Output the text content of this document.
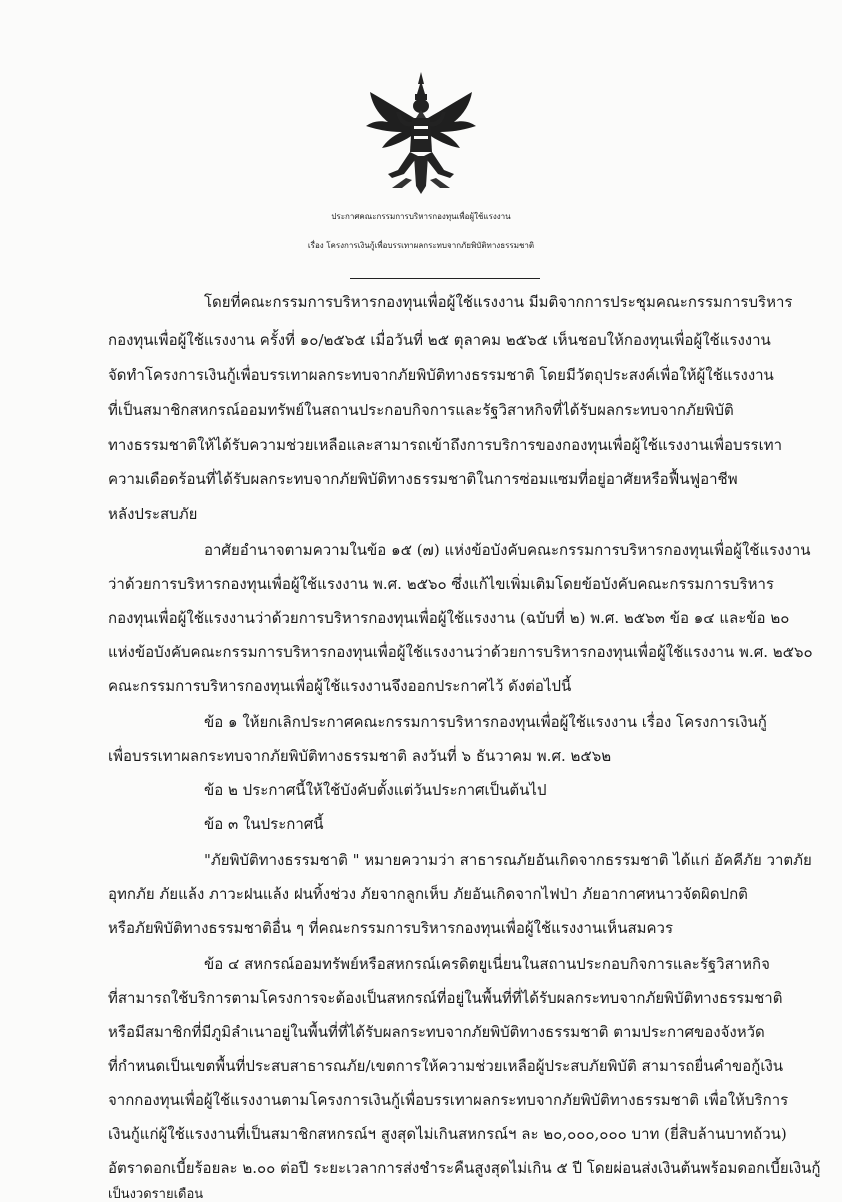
ประกาศคณะกรรมการบริหารกองทุนเพื่อผู้ใช้แรงงาน
เรื่อง โครงการเงินกู้เพื่อบรรเทาผลกระทบจากภัยพิบัติทางธรรมชาติ
โดยที่คณะกรรมการบริหารกองทุนเพื่อผู้ใช้แรงงาน มีมติจากการประชุมคณะกรรมการบริหาร
กองทุนเพื่อผู้ใช้แรงงาน ครั้งที่ ๑๐/๒๕๖๕ เมื่อวันที่ ๒๕ ตุลาคม ๒๕๖๕ เห็นชอบให้กองทุนเพื่อผู้ใช้แรงงาน
จัดทำโครงการเงินกู้เพื่อบรรเทาผลกระทบจากภัยพิบัติทางธรรมชาติ โดยมีวัตถุประสงค์เพื่อให้ผู้ใช้แรงงาน
ที่เป็นสมาชิกสหกรณ์ออมทรัพย์ในสถานประกอบกิจการและรัฐวิสาหกิจที่ได้รับผลกระทบจากภัยพิบัติ
ทางธรรมชาติให้ได้รับความช่วยเหลือและสามารถเข้าถึงการบริการของกองทุนเพื่อผู้ใช้แรงงานเพื่อบรรเทา
ความเดือดร้อนที่ได้รับผลกระทบจากภัยพิบัติทางธรรมชาติในการซ่อมแซมที่อยู่อาศัยหรือฟื้นฟูอาชีพ
หลังประสบภัย
อาศัยอำนาจตามความในข้อ ๑๕ (๗) แห่งข้อบังคับคณะกรรมการบริหารกองทุนเพื่อผู้ใช้แรงงาน
ว่าด้วยการบริหารกองทุนเพื่อผู้ใช้แรงงาน พ.ศ. ๒๕๖๐ ซึ่งแก้ไขเพิ่มเติมโดยข้อบังคับคณะกรรมการบริหาร
กองทุนเพื่อผู้ใช้แรงงานว่าด้วยการบริหารกองทุนเพื่อผู้ใช้แรงงาน (ฉบับที่ ๒) พ.ศ. ๒๕๖๓ ข้อ ๑๔ และข้อ ๒๐
แห่งข้อบังคับคณะกรรมการบริหารกองทุนเพื่อผู้ใช้แรงงานว่าด้วยการบริหารกองทุนเพื่อผู้ใช้แรงงาน พ.ศ. ๒๕๖๐
คณะกรรมการบริหารกองทุนเพื่อผู้ใช้แรงงานจึงออกประกาศไว้ ดังต่อไปนี้
ข้อ ๑ ให้ยกเลิกประกาศคณะกรรมการบริหารกองทุนเพื่อผู้ใช้แรงงาน เรื่อง โครงการเงินกู้
เพื่อบรรเทาผลกระทบจากภัยพิบัติทางธรรมชาติ ลงวันที่ ๖ ธันวาคม พ.ศ. ๒๕๖๒
ข้อ ๒ ประกาศนี้ให้ใช้บังคับตั้งแต่วันประกาศเป็นต้นไป
ข้อ ๓ ในประกาศนี้
"ภัยพิบัติทางธรรมชาติ " หมายความว่า สาธารณภัยอันเกิดจากธรรมชาติ ได้แก่ อัคคีภัย วาตภัย
อุทกภัย ภัยแล้ง ภาวะฝนแล้ง ฝนทิ้งช่วง ภัยจากลูกเห็บ ภัยอันเกิดจากไฟป่า ภัยอากาศหนาวจัดผิดปกติ
หรือภัยพิบัติทางธรรมชาติอื่น ๆ ที่คณะกรรมการบริหารกองทุนเพื่อผู้ใช้แรงงานเห็นสมควร
ข้อ ๔ สหกรณ์ออมทรัพย์หรือสหกรณ์เครดิตยูเนี่ยนในสถานประกอบกิจการและรัฐวิสาหกิจ
ที่สามารถใช้บริการตามโครงการจะต้องเป็นสหกรณ์ที่อยู่ในพื้นที่ที่ได้รับผลกระทบจากภัยพิบัติทางธรรมชาติ
หรือมีสมาชิกที่มีภูมิลำเนาอยู่ในพื้นที่ที่ได้รับผลกระทบจากภัยพิบัติทางธรรมชาติ ตามประกาศของจังหวัด
ที่กำหนดเป็นเขตพื้นที่ประสบสาธารณภัย/เขตการให้ความช่วยเหลือผู้ประสบภัยพิบัติ สามารถยื่นคำขอกู้เงิน
จากกองทุนเพื่อผู้ใช้แรงงานตามโครงการเงินกู้เพื่อบรรเทาผลกระทบจากภัยพิบัติทางธรรมชาติ เพื่อให้บริการ
เงินกู้แก่ผู้ใช้แรงงานที่เป็นสมาชิกสหกรณ์ฯ สูงสุดไม่เกินสหกรณ์ฯ ละ ๒๐,๐๐๐,๐๐๐ บาท (ยี่สิบล้านบาทถ้วน)
อัตราดอกเบี้ยร้อยละ ๒.๐๐ ต่อปี ระยะเวลาการส่งชำระคืนสูงสุดไม่เกิน ๕ ปี โดยผ่อนส่งเงินต้นพร้อมดอกเบี้ยเงินกู้
เป็นงวดรายเดือน
